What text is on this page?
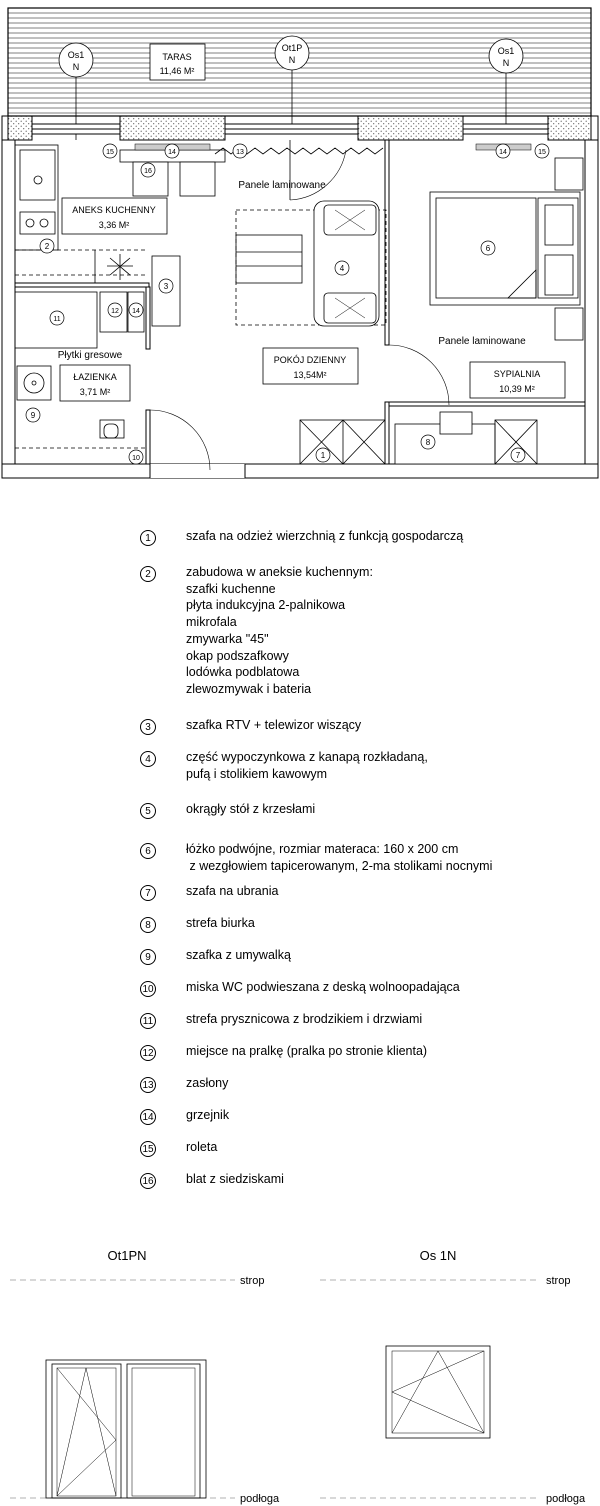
TARAS
11,46 M²
Os1
N
Ot1P
N
Os1
N
ANEKS KUCHENNY
3,36 M²
ŁAZIENKA
3,71 M²
Płytki gresowe	POKÓJ DZIENNY
13,54M²
Panele laminowane
SYPIALNIA
10,39 M²
Panele laminowane
1
2
3
4
6
7
8
9
10
11
12
13
14
14
14
15	15
16
1	szafa na odzież wierzchnią z funkcją gospodarczą
2	zabudowa w aneksie kuchennym:
szafki kuchenne
płyta indukcyjna 2-palnikowa
mikrofala
zmywarka "45"
okap podszafkowy
lodówka podblatowa
zlewozmywak i bateria
3	szafka RTV + telewizor wiszący
4	część wypoczynkowa z kanapą rozkładaną,
pufą i stolikiem kawowym
5	okrągły stół z krzesłami
6	łóżko podwójne, rozmiar materaca: 160 x 200 cm
z wezgłowiem tapicerowanym, 2-ma stolikami nocnymi
7	szafa na ubrania
8	strefa biurka
9	szafka z umywalką
10	miska WC podwieszana z deską wolnoopadająca
11	strefa prysznicowa z brodzikiem i drzwiami
12	miejsce na pralkę (pralka po stronie klienta)
13	zasłony
14	grzejnik
15	roleta
16	blat z siedziskami
Ot1PN	Os 1N
strop	strop
podłoga	podłoga
